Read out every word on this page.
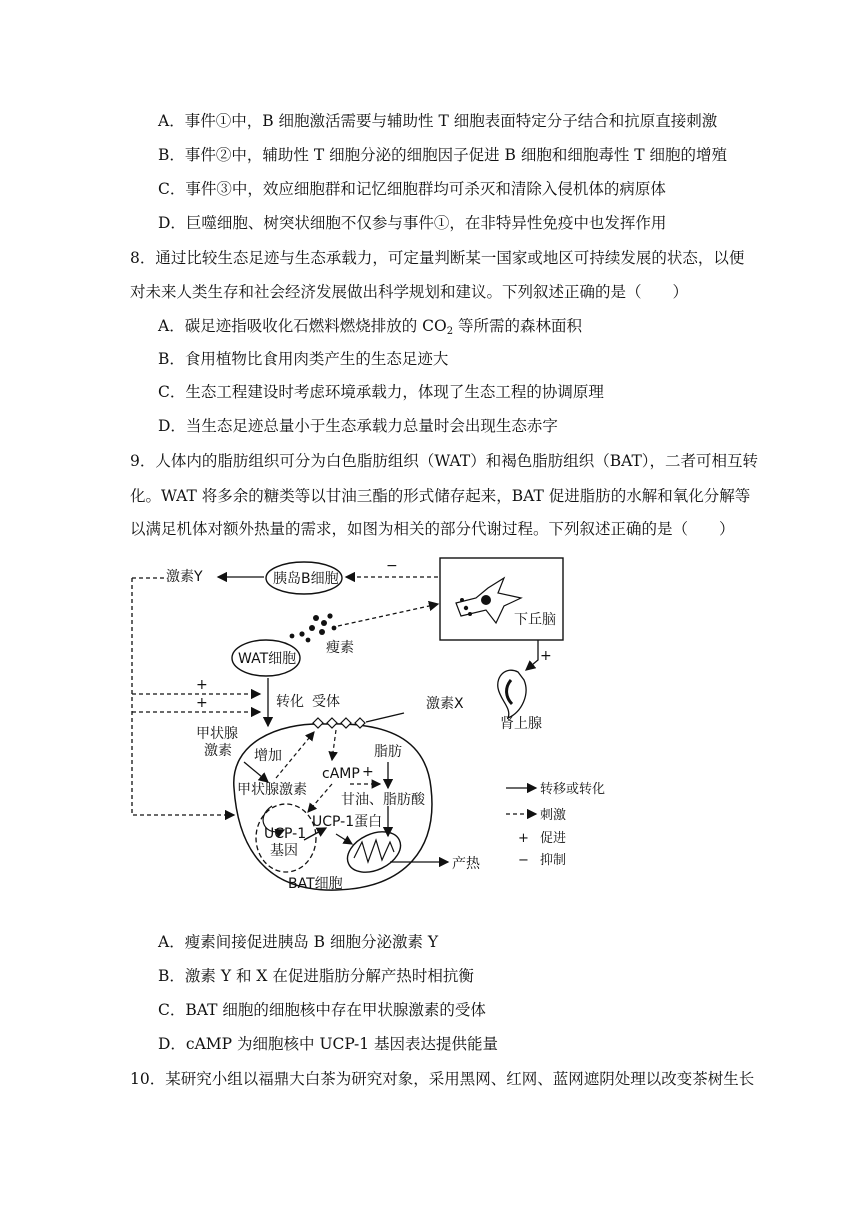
A．事件①中，B 细胞激活需要与辅助性 T 细胞表面特定分子结合和抗原直接刺激
B．事件②中，辅助性 T 细胞分泌的细胞因子促进 B 细胞和细胞毒性 T 细胞的增殖
C．事件③中，效应细胞群和记忆细胞群均可杀灭和清除入侵机体的病原体
D．巨噬细胞、树突状细胞不仅参与事件①，在非特异性免疫中也发挥作用
8．通过比较生态足迹与生态承载力，可定量判断某一国家或地区可持续发展的状态，以便
对未来人类生存和社会经济发展做出科学规划和建议。下列叙述正确的是（　　）
A．碳足迹指吸收化石燃料燃烧排放的 $CO_2$ 等所需的森林面积
B．食用植物比食用肉类产生的生态足迹大
C．生态工程建设时考虑环境承载力，体现了生态工程的协调原理
D．当生态足迹总量小于生态承载力总量时会出现生态赤字
9．人体内的脂肪组织可分为白色脂肪组织（WAT）和褐色脂肪组织（BAT），二者可相互转
化。WAT 将多余的糖类等以甘油三酯的形式储存起来，BAT 促进脂肪的水解和氧化分解等
以满足机体对额外热量的需求，如图为相关的部分代谢过程。下列叙述正确的是（　　）
激素Y	胰岛B细胞
−
下丘脑
瘦素
WAT细胞	+
激素X
肾上腺
+
+	转化 受体
甲状腺
激素 增加	脂肪
cAMP +
甲状腺激素
甘油、脂肪酸
UCP-1
基因
UCP-1蛋白
产热
BAT细胞
转移或转化
刺激
+ 促进
− 抑制
A．瘦素间接促进胰岛 B 细胞分泌激素 Y
B．激素 Y 和 X 在促进脂肪分解产热时相抗衡
C．BAT 细胞的细胞核中存在甲状腺激素的受体
D．cAMP 为细胞核中 UCP-1 基因表达提供能量
10．某研究小组以福鼎大白茶为研究对象，采用黑网、红网、蓝网遮阴处理以改变茶树生长
